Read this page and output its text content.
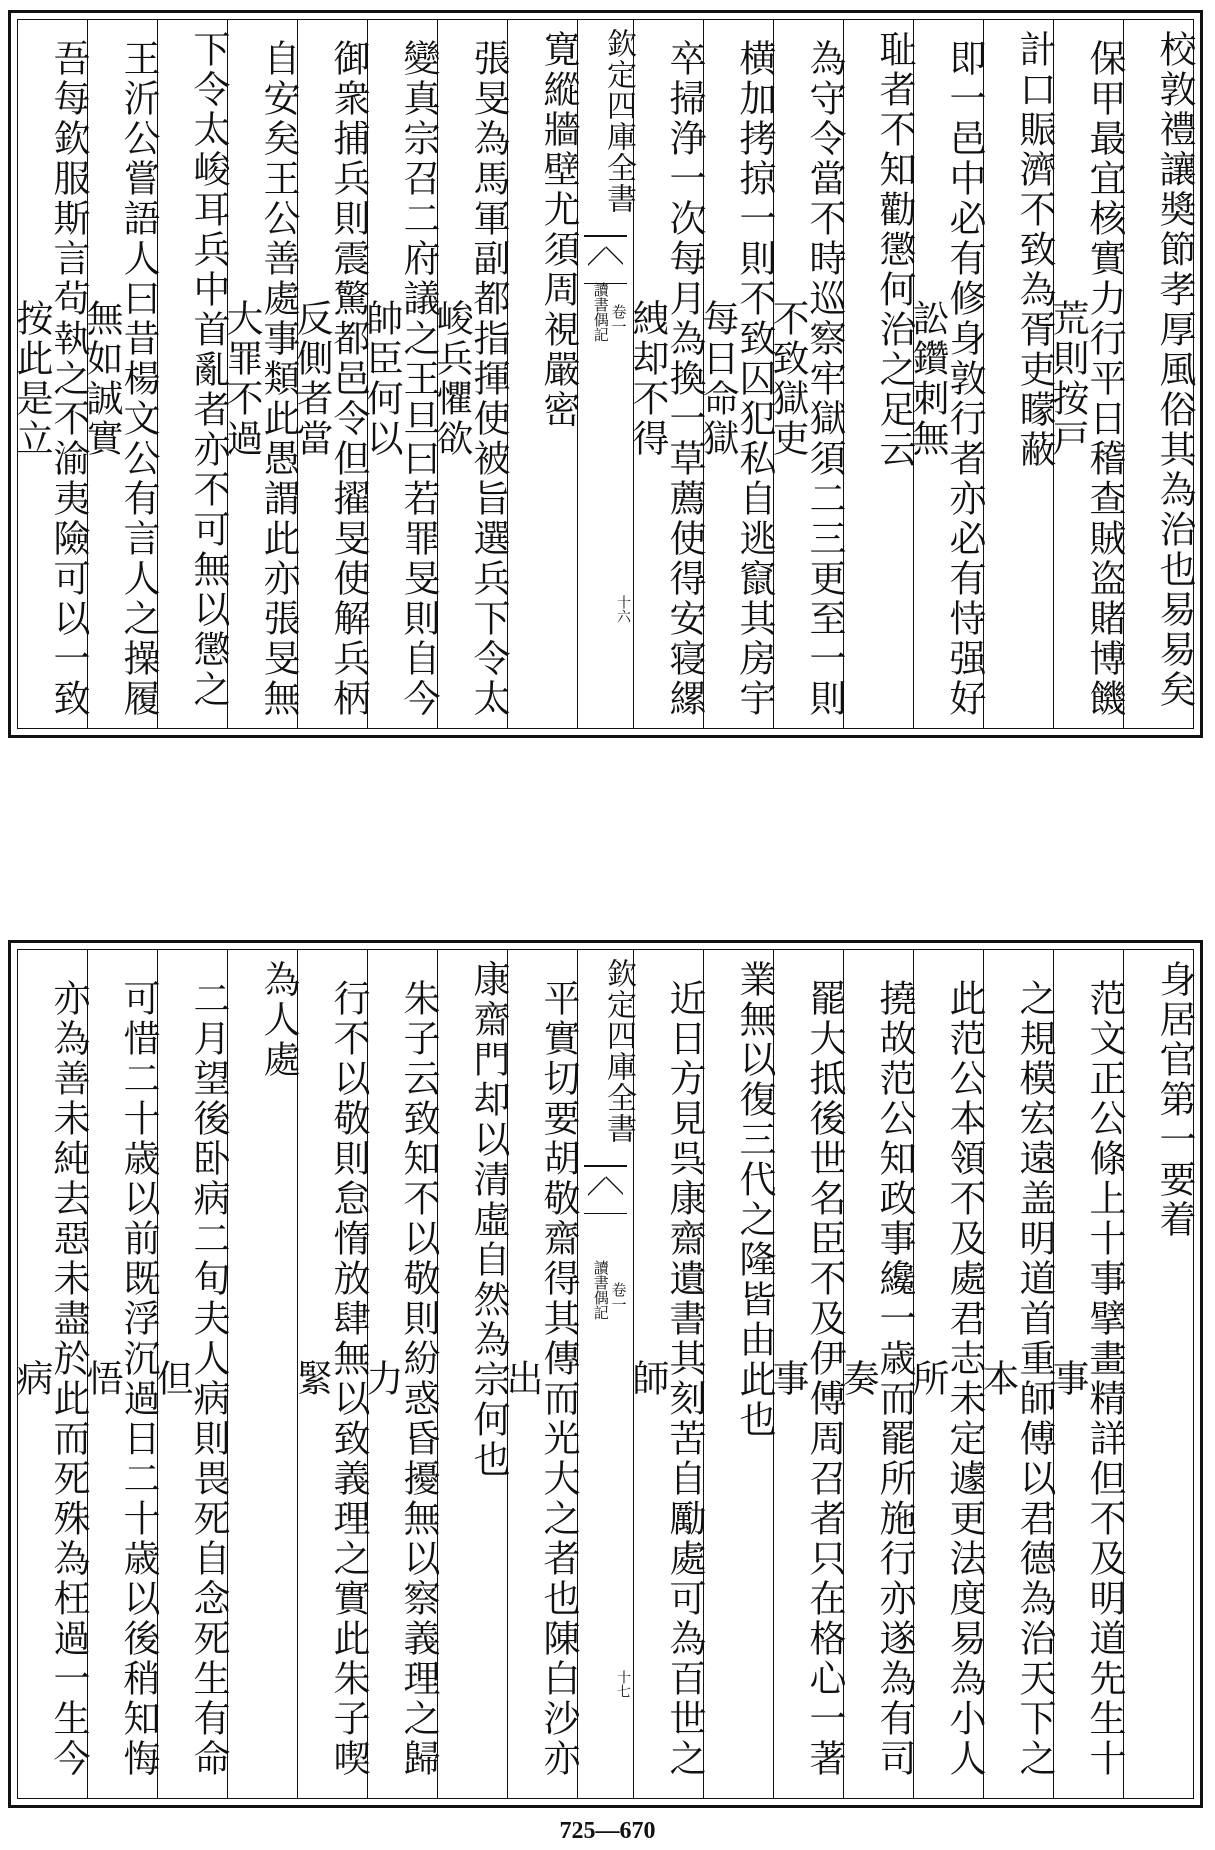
校敦禮讓奬節孝厚風俗其為治也易易矣
保甲最宜核實力行平日稽查賊盗賭博饑荒則按戸
計口賑濟不致為胥吏矇蔽
即一邑中必有修身敦行者亦必有恃强好訟鑽刺無
耻者不知勸懲何治之足云
為守令當不時巡察牢獄須二三更至一則不致獄吏
横加拷掠一則不致囚犯私自逃竄其房宇每日命獄
卒掃浄一次每月為換一草薦使得安寝縲絏却不得
欽定四庫全書
讀書偶記 卷一
十六
寛縱牆壁尤須周視嚴密
張旻為馬軍副都指揮使被旨選兵下令太峻兵懼欲
變真宗召二府議之王旦曰若罪旻則自今帥臣何以
御衆捕兵則震驚都邑令但擢旻使解兵柄反側者當
自安矣王公善處事類此愚謂此亦張旻無大罪不過
下令太峻耳兵中首亂者亦不可無以懲之
王沂公嘗語人曰昔楊文公有言人之操履無如誠實
吾每欽服斯言茍執之不渝夷險可以一致按此是立
身居官第一要着
范文正公條上十事擘畫精詳但不及明道先生十事
之規模宏遠盖明道首重師傅以君德為治天下之本
此范公本領不及處君志未定遽更法度易為小人所
撓故范公知政事纔一歳而罷所施行亦遂為有司奏
罷大抵後世名臣不及伊傅周召者只在格心一著事
業無以復三代之隆皆由此也
近日方見呉康齋遺書其刻苦自勵處可為百世之師
欽定四庫全書
讀書偶記 卷一
十七
平實切要胡敬齋得其傳而光大之者也陳白沙亦出
康齋門却以清虛自然為宗何也
朱子云致知不以敬則紛惑昏擾無以察義理之歸力
行不以敬則怠惰放肆無以致義理之實此朱子喫緊
為人處
二月望後卧病二旬夫人病則畏死自念死生有命但
可惜二十歳以前既浮沉過日二十歳以後稍知悔悟
亦為善未純去惡未盡於此而死殊為枉過一生今病
725—670
